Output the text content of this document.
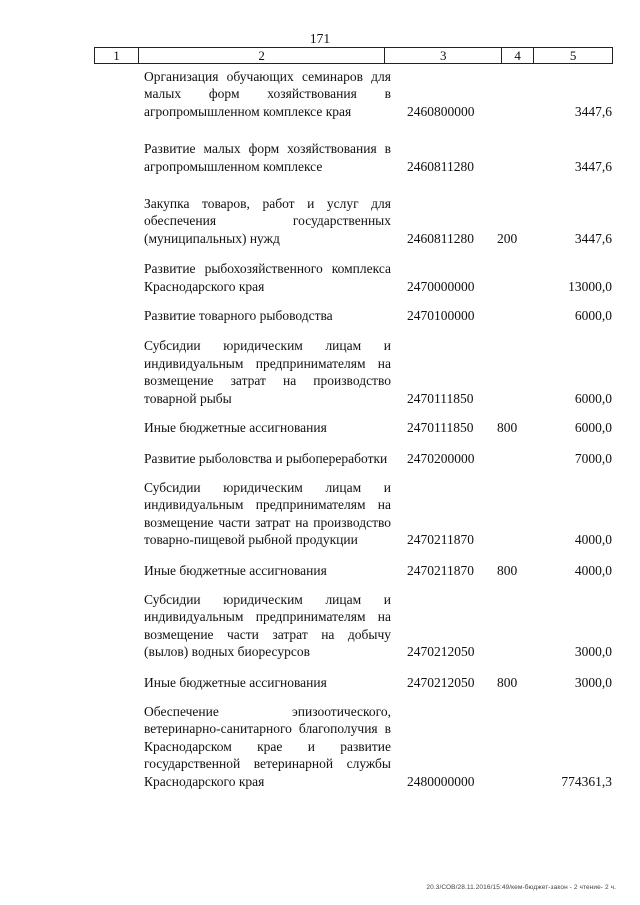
171
1	2	3	4	5
Организация обучающих семинаров для малых форм хозяйствования в агропромышленном комплексе края	2460800000	3447,6
Развитие малых форм хозяйствования в агропромышленном комплексе	2460811280	3447,6
Закупка товаров, работ и услуг для обеспечения государственных (муниципальных) нужд	2460811280 200	3447,6
Развитие рыбохозяйственного комплекса Краснодарского края	2470000000	13000,0
Развитие товарного рыбоводства	2470100000	6000,0
Субсидии юридическим лицам и индивидуальным предпринимателям на возмещение затрат на производство товарной рыбы	2470111850	6000,0
Иные бюджетные ассигнования	2470111850 800	6000,0
Развитие рыболовства и рыбопереработки 2470200000	7000,0
Субсидии юридическим лицам и индивидуальным предпринимателям на возмещение части затрат на производство товарно-пищевой рыбной продукции	2470211870	4000,0
Иные бюджетные ассигнования	2470211870 800	4000,0
Субсидии юридическим лицам и индивидуальным предпринимателям на возмещение части затрат на добычу (вылов) водных биоресурсов	2470212050	3000,0
Иные бюджетные ассигнования	2470212050 800	3000,0
Обеспечение эпизоотического, ветеринарно-санитарного благополучия в Краснодарском крае и развитие государственной ветеринарной службы Краснодарского края	2480000000	774361,3
20.3/СОВ/28.11.2016/15:49/кем-бюджет-закон - 2 чтение- 2 ч.
